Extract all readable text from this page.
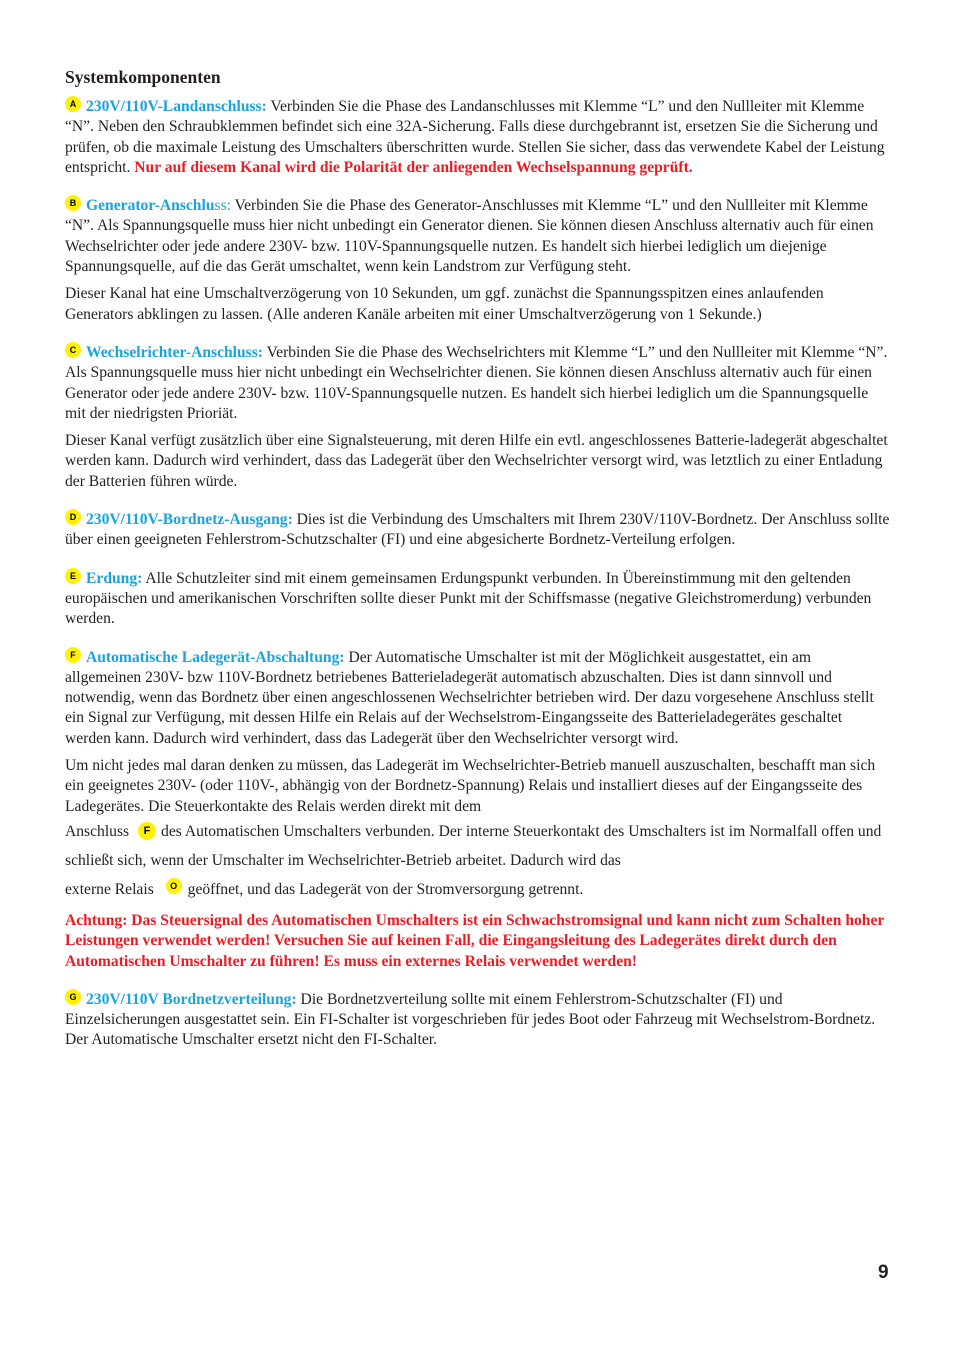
Systemkomponenten

A 230V/110V-Landanschluss: Verbinden Sie die Phase des Landanschlusses mit Klemme “L” und den Nullleiter mit Klemme “N”. Neben den Schraubklemmen befindet sich eine 32A-Sicherung. Falls diese durchgebrannt ist, ersetzen Sie die Sicherung und prüfen, ob die maximale Leistung des Umschalters überschritten wurde. Stellen Sie sicher, dass das verwendete Kabel der Leistung entspricht. Nur auf diesem Kanal wird die Polarität der anliegenden Wechselspannung geprüft.

B Generator-Anschluss: Verbinden Sie die Phase des Generator-Anschlusses mit Klemme “L” und den Nullleiter mit Klemme “N”. Als Spannungsquelle muss hier nicht unbedingt ein Generator dienen. Sie können diesen Anschluss alternativ auch für einen Wechselrichter oder jede andere 230V- bzw. 110V-Spannungsquelle nutzen. Es handelt sich hierbei lediglich um diejenige Spannungsquelle, auf die das Gerät umschaltet, wenn kein Landstrom zur Verfügung steht.

Dieser Kanal hat eine Umschaltverzögerung von 10 Sekunden, um ggf. zunächst die Spannungsspitzen eines anlaufenden Generators abklingen zu lassen. (Alle anderen Kanäle arbeiten mit einer Umschaltverzögerung von 1 Sekunde.)

C Wechselrichter-Anschluss: Verbinden Sie die Phase des Wechselrichters mit Klemme “L” und den Nullleiter mit Klemme “N”. Als Spannungsquelle muss hier nicht unbedingt ein Wechselrichter dienen. Sie können diesen Anschluss alternativ auch für einen Generator oder jede andere 230V- bzw. 110V-Spannungsquelle nutzen. Es handelt sich hierbei lediglich um die Spannungsquelle mit der niedrigsten Prioriät.

Dieser Kanal verfügt zusätzlich über eine Signalsteuerung, mit deren Hilfe ein evtl. angeschlossenes Batterie-ladegerät abgeschaltet werden kann. Dadurch wird verhindert, dass das Ladegerät über den Wechselrichter versorgt wird, was letztlich zu einer Entladung der Batterien führen würde.

D 230V/110V-Bordnetz-Ausgang: Dies ist die Verbindung des Umschalters mit Ihrem 230V/110V-Bordnetz. Der Anschluss sollte über einen geeigneten Fehlerstrom-Schutzschalter (FI) und eine abgesicherte Bordnetz-Verteilung erfolgen.

E Erdung: Alle Schutzleiter sind mit einem gemeinsamen Erdungspunkt verbunden. In Übereinstimmung mit den geltenden europäischen und amerikanischen Vorschriften sollte dieser Punkt mit der Schiffsmasse (negative Gleichstromerdung) verbunden werden.

F Automatische Ladegerät-Abschaltung: Der Automatische Umschalter ist mit der Möglichkeit ausgestattet, ein am allgemeinen 230V- bzw 110V-Bordnetz betriebenes Batterieladegerät automatisch abzuschalten. Dies ist dann sinnvoll und notwendig, wenn das Bordnetz über einen angeschlossenen Wechselrichter betrieben wird. Der dazu vorgesehene Anschluss stellt ein Signal zur Verfügung, mit dessen Hilfe ein Relais auf der Wechselstrom-Eingangsseite des Batterieladegerätes geschaltet werden kann. Dadurch wird verhindert, dass das Ladegerät über den Wechselrichter versorgt wird.

Um nicht jedes mal daran denken zu müssen, das Ladegerät im Wechselrichter-Betrieb manuell auszuschalten, beschafft man sich ein geeignetes 230V- (oder 110V-, abhängig von der Bordnetz-Spannung) Relais und installiert dieses auf der Eingangsseite des Ladegerätes. Die Steuerkontakte des Relais werden direkt mit dem
Anschluss F des Automatischen Umschalters verbunden. Der interne Steuerkontakt des Umschalters ist im Normalfall offen und schließt sich, wenn der Umschalter im Wechselrichter-Betrieb arbeitet. Dadurch wird das
externe Relais O geöffnet, und das Ladegerät von der Stromversorgung getrennt.

Achtung: Das Steuersignal des Automatischen Umschalters ist ein Schwachstromsignal und kann nicht zum Schalten hoher Leistungen verwendet werden! Versuchen Sie auf keinen Fall, die Eingangsleitung des Ladegerätes direkt durch den Automatischen Umschalter zu führen! Es muss ein externes Relais verwendet werden!

G 230V/110V Bordnetzverteilung: Die Bordnetzverteilung sollte mit einem Fehlerstrom-Schutzschalter (FI) und Einzelsicherungen ausgestattet sein. Ein FI-Schalter ist vorgeschrieben für jedes Boot oder Fahrzeug mit Wechselstrom-Bordnetz. Der Automatische Umschalter ersetzt nicht den FI-Schalter.

9
